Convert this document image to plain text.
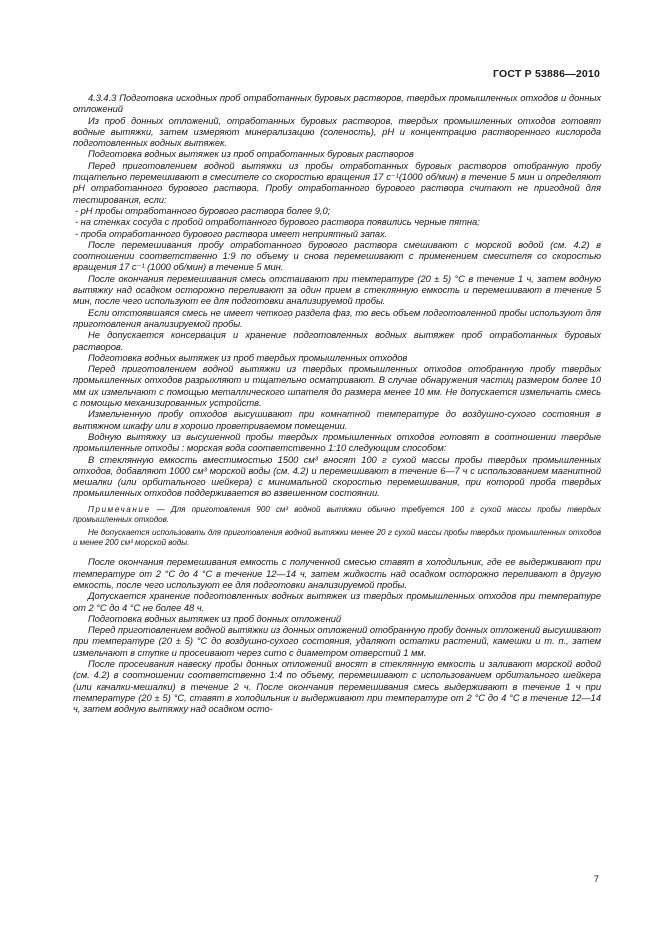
ГОСТ Р 53886—2010

4.3.4.3 Подготовка исходных проб отработанных буровых растворов, твердых промышленных отходов и донных отложений

Из проб донных отложений, отработанных буровых растворов, твердых промышленных отходов готовят водные вытяжки, затем измеряют минерализацию (соленость), pH и концентрацию растворенного кислорода подготовленных водных вытяжек.

Подготовка водных вытяжек из проб отработанных буровых растворов

Перед приготовлением водной вытяжки из пробы отработанных буровых растворов отобранную пробу тщательно перемешивают в смесителе со скоростью вращения 17 с⁻¹(1000 об/мин) в течение 5 мин и определяют pH отработанного бурового раствора. Пробу отработанного бурового раствора считают не пригодной для тестирования, если:

- pH пробы отработанного бурового раствора более 9,0;

- на стенках сосуда с пробой отработанного бурового раствора появились черные пятна;

- проба отработанного бурового раствора имеет неприятный запах.

После перемешивания пробу отработанного бурового раствора смешивают с морской водой (см. 4.2) в соотношении соответственно 1:9 по объему и снова перемешивают с применением смесителя со скоростью вращения 17 с⁻¹ (1000 об/мин) в течение 5 мин.

После окончания перемешивания смесь отстаивают при температуре (20 ± 5) °С в течение 1 ч, затем водную вытяжку над осадком осторожно переливают за один прием в стеклянную емкость и перемешивают в течение 5 мин, после чего используют ее для подготовки анализируемой пробы.

Если отстоявшаяся смесь не имеет четкого раздела фаз, то весь объем подготовленной пробы используют для приготовления анализируемой пробы.

Не допускается консервация и хранение подготовленных водных вытяжек проб отработанных буровых растворов.

Подготовка водных вытяжек из проб твердых промышленных отходов

Перед приготовлением водной вытяжки из твердых промышленных отходов отобранную пробу твердых промышленных отходов разрыхляют и тщательно осматривают. В случае обнаружения частиц размером более 10 мм их измельчают с помощью металлического шпателя до размера менее 10 мм. Не допускается измельчать смесь с помощью механизированных устройств.

Измельченную пробу отходов высушивают при комнатной температуре до воздушно-сухого состояния в вытяжном шкафу или в хорошо проветриваемом помещении.

Водную вытяжку из высушенной пробы твердых промышленных отходов готовят в соотношении твердые промышленные отходы : морская вода соответственно 1:10 следующим способом:

В стеклянную емкость вместимостью 1500 см³ вносят 100 г сухой массы пробы твердых промышленных отходов, добавляют 1000 см³ морской воды (см. 4.2) и перемешивают в течение 6—7 ч с использованием магнитной мешалки (или орбитального шейкера) с минимальной скоростью перемешивания, при которой проба твердых промышленных отходов поддерживается во взвешенном состоянии.

Примечание — Для приготовления 900 см³ водной вытяжки обычно требуется 100 г сухой массы пробы твердых промышленных отходов.

Не допускается использовать для приготовления водной вытяжки менее 20 г сухой массы пробы твердых промышленных отходов и менее 200 см³ морской воды.

После окончания перемешивания емкость с полученной смесью ставят в холодильник, где ее выдерживают при температуре от 2 °С до 4 °С в течение 12—14 ч, затем жидкость над осадком осторожно переливают в другую емкость, после чего используют ее для подготовки анализируемой пробы.

Допускается хранение подготовленных водных вытяжек из твердых промышленных отходов при температуре от 2 °С до 4 °С не более 48 ч.

Подготовка водных вытяжек из проб донных отложений

Перед приготовлением водной вытяжки из донных отложений отобранную пробу донных отложений высушивают при температуре (20 ± 5) °С до воздушно-сухого состояния, удаляют остатки растений, камешки и т. п., затем измельчают в ступке и просеивают через сито с диаметром отверстий 1 мм.

После просеивания навеску пробы донных отложений вносят в стеклянную емкость и заливают морской водой (см. 4.2) в соотношении соответственно 1:4 по объему, перемешивают с использованием орбитального шейкера (или качалки-мешалки) в течение 2 ч. После окончания перемешивания смесь выдерживают в течение 1 ч при температуре (20 ± 5) °С, ставят в холодильник и выдерживают при температуре от 2 °С до 4 °С в течение 12—14 ч, затем водную вытяжку над осадком осто-

7
